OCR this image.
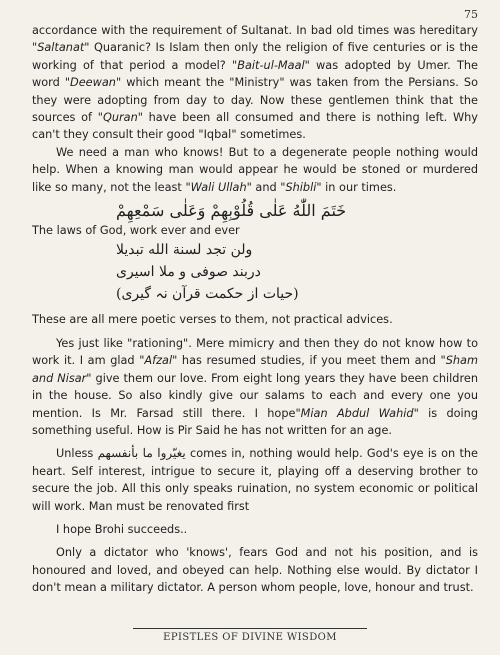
75

accordance with the requirement of Sultanat. In bad old times was hereditary "Saltanat" Quaranic? Is Islam then only the religion of five centuries or is the working of that period a model? "Bait-ul-Maal" was adopted by Umer. The word "Deewan" which meant the "Ministry" was taken from the Persians. So they were adopting from day to day. Now these gentlemen think that the sources of "Quran" have been all consumed and there is nothing left. Why can't they consult their good "Iqbal" sometimes.

We need a man who knows! But to a degenerate people nothing would help. When a knowing man would appear he would be stoned or murdered like so many, not the least "Wali Ullah" and "Shibli" in our times.

خَتَمَ اللّٰهُ عَلٰی قُلُوْبِهِمْ وَعَلٰی سَمْعِهِمْ

The laws of God, work ever and ever

ولن تجد لسنة الله تبديلا

دربند صوفی و ملا اسیری

(حیات از حکمت قرآن نہ گیری)

These are all mere poetic verses to them, not practical advices.

Yes just like "rationing". Mere mimicry and then they do not know how to work it. I am glad "Afzal" has resumed studies, if you meet them and "Sham and Nisar" give them our love. From eight long years they have been children in the house. So also kindly give our salams to each and every one you mention. Is Mr. Farsad still there. I hope"Mian Abdul Wahid" is doing something useful. How is Pir Said he has not written for an age.

Unless يغيّروا ما بأنفسهم comes in, nothing would help. God's eye is on the heart. Self interest, intrigue to secure it, playing off a deserving brother to secure the job. All this only speaks ruination, no system economic or political will work. Man must be renovated first

I hope Brohi succeeds..

Only a dictator who 'knows', fears God and not his position, and is honoured and loved, and obeyed can help. Nothing else would. By dictator I don't mean a military dictator. A person whom people, love, honour and trust.

EPISTLES OF DIVINE WISDOM
